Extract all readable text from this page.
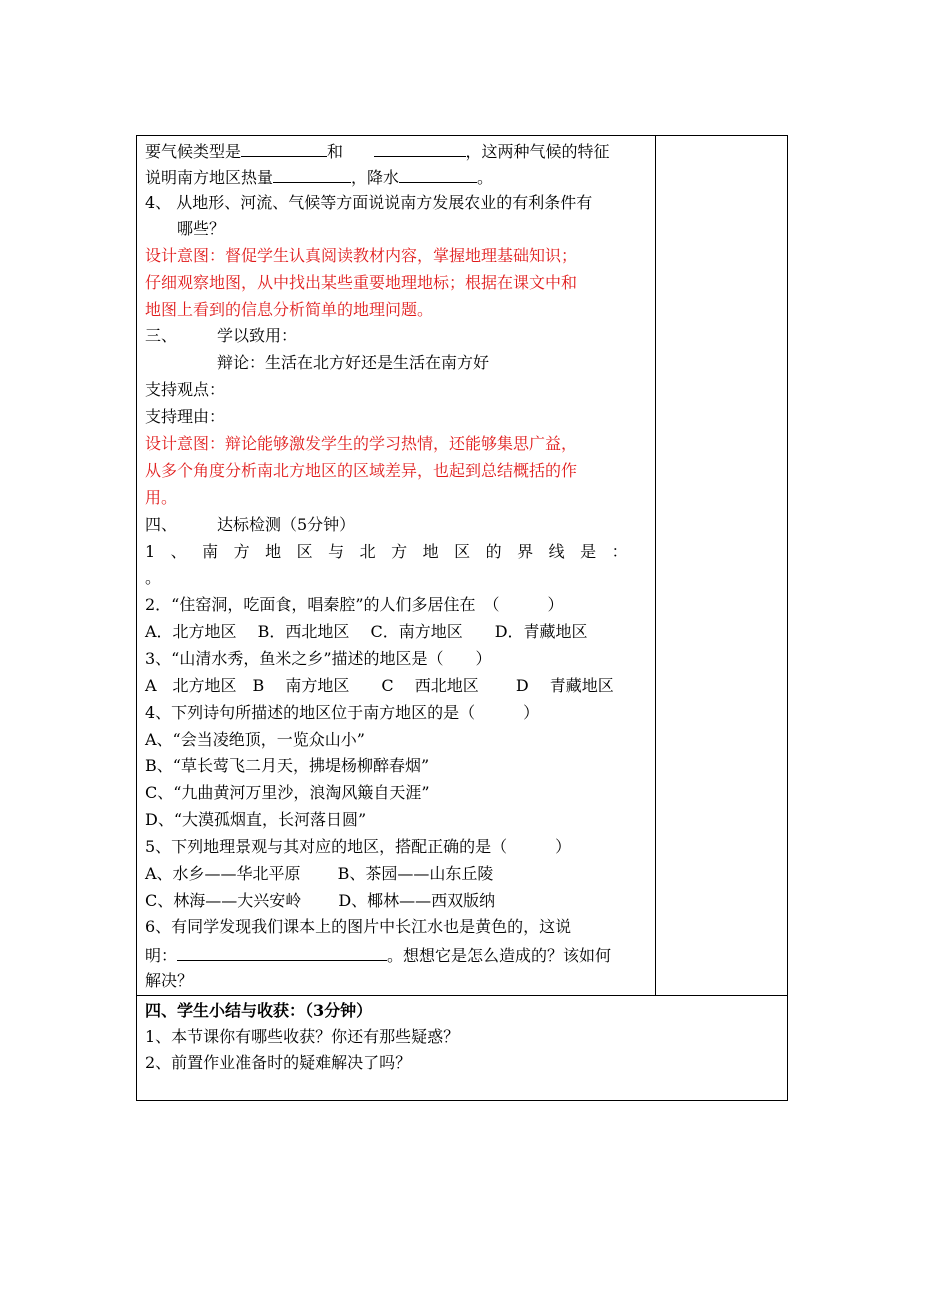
要气候类型是	和	，这两种气候的特征
说明南方地区热量	，降水	。
4、 从地形、河流、气候等方面说说南方发展农业的有利条件有
哪些？
设计意图：督促学生认真阅读教材内容，掌握地理基础知识；
仔细观察地图，从中找出某些重要地理地标；根据在课文中和
地图上看到的信息分析简单的地理问题。
三、 学以致用：
辩论：生活在北方好还是生活在南方好
支持观点：
支持理由：
设计意图：辩论能够激发学生的学习热情，还能够集思广益，
从多个角度分析南北方地区的区域差异，也起到总结概括的作
用。
四、 达标检测（5分钟）
1、南方地区与北方地区的界线是：
。
2．“住窑洞，吃面食，唱秦腔”的人们多居住在　（　　　）
A．北方地区　 B．西北地区　 C．南方地区　　D．青藏地区
3、“山清水秀，鱼米之乡”描述的地区是（　　）
A　北方地区　B　 南方地区　　C　 西北地区　　 D　 青藏地区
4、下列诗句所描述的地区位于南方地区的是（　　　）
A、“会当凌绝顶，一览众山小”
B、“草长莺飞二月天，拂堤杨柳醉春烟”
C、“九曲黄河万里沙，浪淘风簸自天涯”
D、“大漠孤烟直，长河落日圆”
5、下列地理景观与其对应的地区，搭配正确的是（　　　）
A、水乡——华北平原　　 B、茶园——山东丘陵
C、林海——大兴安岭　　 D、椰林——西双版纳
6、有同学发现我们课本上的图片中长江水也是黄色的，这说
明：	。想想它是怎么造成的？该如何
解决？
四、学生小结与收获：（3分钟）
1、本节课你有哪些收获？你还有那些疑惑？
2、前置作业准备时的疑难解决了吗？
